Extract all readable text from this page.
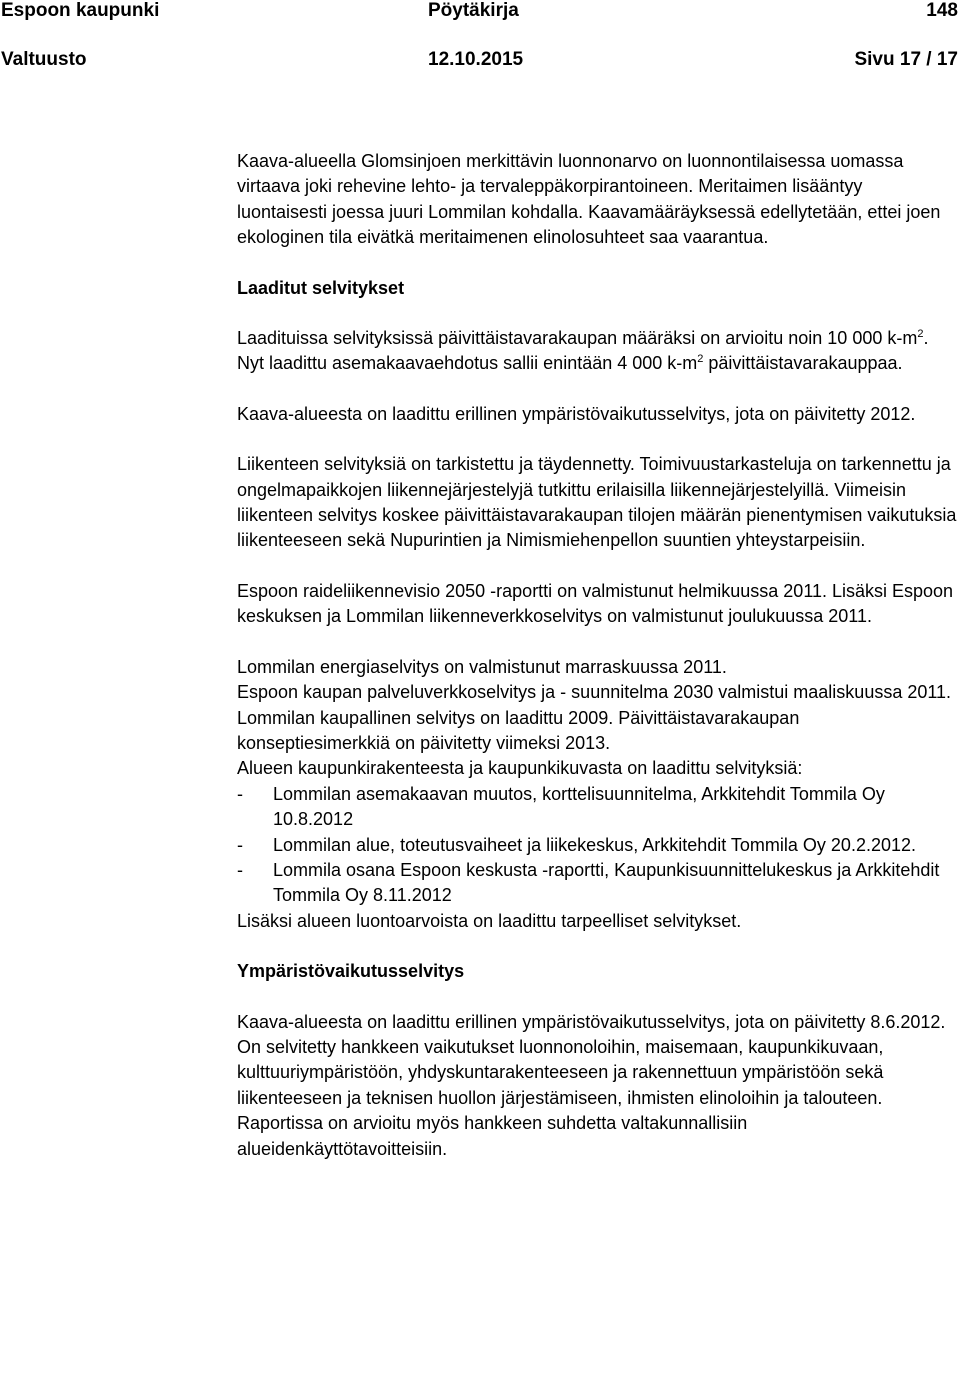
Espoon kaupunki	Pöytäkirja	148
Valtuusto	12.10.2015	Sivu 17 / 17

Kaava-alueella Glomsinjoen merkittävin luonnonarvo on luonnontilaisessa uomassa virtaava joki rehevine lehto- ja tervaleppäkorpirantoineen. Meritaimen lisääntyy luontaisesti joessa juuri Lommilan kohdalla. Kaavamääräyksessä edellytetään, ettei joen ekologinen tila eivätkä meritaimenen elinolosuhteet saa vaarantua.

Laaditut selvitykset

Laadituissa selvityksissä päivittäistavarakaupan määräksi on arvioitu noin 10 000 $k-m^2$. Nyt laadittu asemakaavaehdotus sallii enintään 4 000 $k-m^2$ päivittäistavarakauppaa.

Kaava-alueesta on laadittu erillinen ympäristövaikutusselvitys, jota on päivitetty 2012.

Liikenteen selvityksiä on tarkistettu ja täydennetty. Toimivuustarkasteluja on tarkennettu ja ongelmapaikkojen liikennejärjestelyjä tutkittu erilaisilla liikennejärjestelyillä. Viimeisin liikenteen selvitys koskee päivittäistavarakaupan tilojen määrän pienentymisen vaikutuksia liikenteeseen sekä Nupurintien ja Nimismiehenpellon suuntien yhteystarpeisiin.

Espoon raideliikennevisio 2050 -raportti on valmistunut helmikuussa 2011. Lisäksi Espoon keskuksen ja Lommilan liikenneverkkoselvitys on valmistunut joulukuussa 2011.

Lommilan energiaselvitys on valmistunut marraskuussa 2011.

Espoon kaupan palveluverkkoselvitys ja - suunnitelma 2030 valmistui maaliskuussa 2011.

Lommilan kaupallinen selvitys on laadittu 2009. Päivittäistavarakaupan konseptiesimerkkiä on päivitetty viimeksi 2013.

Alueen kaupunkirakenteesta ja kaupunkikuvasta on laadittu selvityksiä:

- Lommilan asemakaavan muutos, korttelisuunnitelma, Arkkitehdit Tommila Oy 10.8.2012
- Lommilan alue, toteutusvaiheet ja liikekeskus, Arkkitehdit Tommila Oy 20.2.2012.
- Lommila osana Espoon keskusta -raportti, Kaupunkisuunnittelukeskus ja Arkkitehdit Tommila Oy 8.11.2012

Lisäksi alueen luontoarvoista on laadittu tarpeelliset selvitykset.

Ympäristövaikutusselvitys

Kaava-alueesta on laadittu erillinen ympäristövaikutusselvitys, jota on päivitetty 8.6.2012. On selvitetty hankkeen vaikutukset luonnonoloihin, maisemaan, kaupunkikuvaan, kulttuuriympäristöön, yhdyskuntarakenteeseen ja rakennettuun ympäristöön sekä liikenteeseen ja teknisen huollon järjestämiseen, ihmisten elinoloihin ja talouteen. Raportissa on arvioitu myös hankkeen suhdetta valtakunnallisiin alueidenkäyttötavoitteisiin.
